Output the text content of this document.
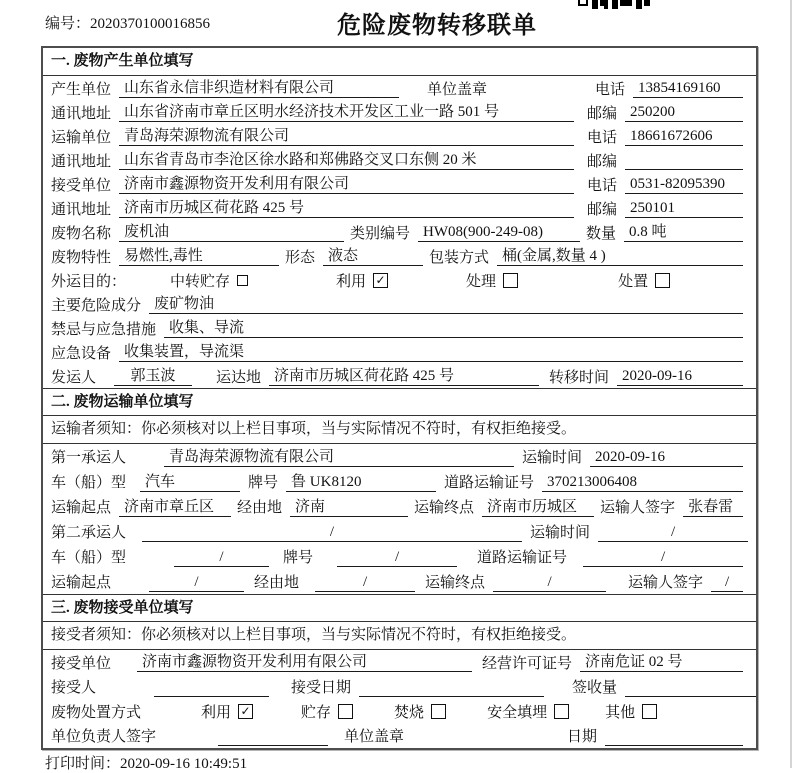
编号：2020370100016856	危险废物转移联单
一. 废物产生单位填写
产生单位 山东省永信非织造材料有限公司	单位盖章	电话 13854169160
通讯地址 山东省济南市章丘区明水经济技术开发区工业一路 501 号	邮编 250200
运输单位 青岛海荣源物流有限公司	电话 18661672606
通讯地址 山东省青岛市李沧区徐水路和郑佛路交叉口东侧 20 米	邮编
接受单位 济南市鑫源物资开发利用有限公司	电话 0531-82095390
通讯地址 济南市历城区荷花路 425 号	邮编 250101
废物名称 废机油	类别编号 HW08(900-249-08)	数量 0.8 吨
废物特性 易燃性,毒性	形态 液态	包装方式 桶(金属,数量 4 )
外运目的：	中转贮存	利用 ✓	处理	处置
主要危险成分 废矿物油
禁忌与应急措施 收集、导流
应急设备 收集装置，导流渠
发运人	郭玉波	运达地 济南市历城区荷花路 425 号	转移时间 2020-09-16
二. 废物运输单位填写
运输者须知：你必须核对以上栏目事项，当与实际情况不符时，有权拒绝接受。
第一承运人	青岛海荣源物流有限公司	运输时间 2020-09-16
车（船）型	汽车	牌号 鲁 UK8120	道路运输证号 370213006408
运输起点 济南市章丘区	经由地 济南	运输终点 济南市历城区	运输人签字 张春雷
第二承运人	/	运输时间	/
车（船）型	/	牌号	/	道路运输证号	/
运输起点	/	经由地	/	运输终点	/	运输人签字	/
三. 废物接受单位填写
接受者须知：你必须核对以上栏目事项，当与实际情况不符时，有权拒绝接受。
接受单位	济南市鑫源物资开发利用有限公司	经营许可证号 济南危证 02 号
接受人	接受日期	签收量
废物处置方式	利用 ✓	贮存	焚烧	安全填埋	其他
单位负责人签字	单位盖章	日期
打印时间：2020-09-16 10:49:51
